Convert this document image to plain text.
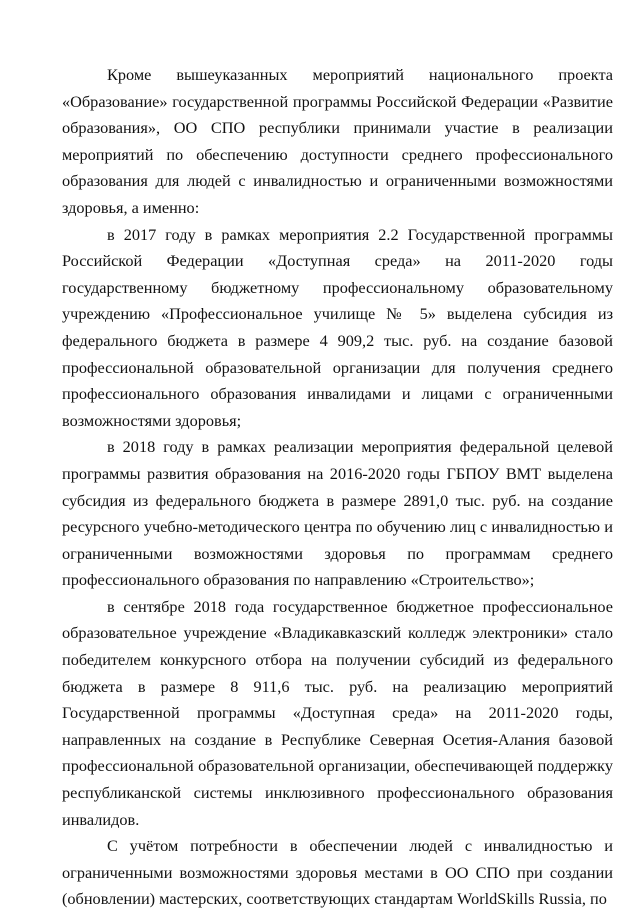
Кроме вышеуказанных мероприятий национального проекта «Образование» государственной программы Российской Федерации «Развитие образования», ОО СПО республики принимали участие в реализации мероприятий по обеспечению доступности среднего профессионального образования для людей с инвалидностью и ограниченными возможностями здоровья, а именно:

в 2017 году в рамках мероприятия 2.2 Государственной программы Российской Федерации «Доступная среда» на 2011-2020 годы государственному бюджетному профессиональному образовательному учреждению «Профессиональное училище № 5» выделена субсидия из федерального бюджета в размере 4 909,2 тыс. руб. на создание базовой профессиональной образовательной организации для получения среднего профессионального образования инвалидами и лицами с ограниченными возможностями здоровья;

в 2018 году в рамках реализации мероприятия федеральной целевой программы развития образования на 2016-2020 годы ГБПОУ ВМТ выделена субсидия из федерального бюджета в размере 2891,0 тыс. руб. на создание ресурсного учебно-методического центра по обучению лиц с инвалидностью и ограниченными возможностями здоровья по программам среднего профессионального образования по направлению «Строительство»;

в сентябре 2018 года государственное бюджетное профессиональное образовательное учреждение «Владикавказский колледж электроники» стало победителем конкурсного отбора на получении субсидий из федерального бюджета в размере 8 911,6 тыс. руб. на реализацию мероприятий Государственной программы «Доступная среда» на 2011-2020 годы, направленных на создание в Республике Северная Осетия-Алания базовой профессиональной образовательной организации, обеспечивающей поддержку республиканской системы инклюзивного профессионального образования инвалидов.

С учётом потребности в обеспечении людей с инвалидностью и ограниченными возможностями здоровья местами в ОО СПО при создании (обновлении) мастерских, соответствующих стандартам WorldSkills Russia, по
